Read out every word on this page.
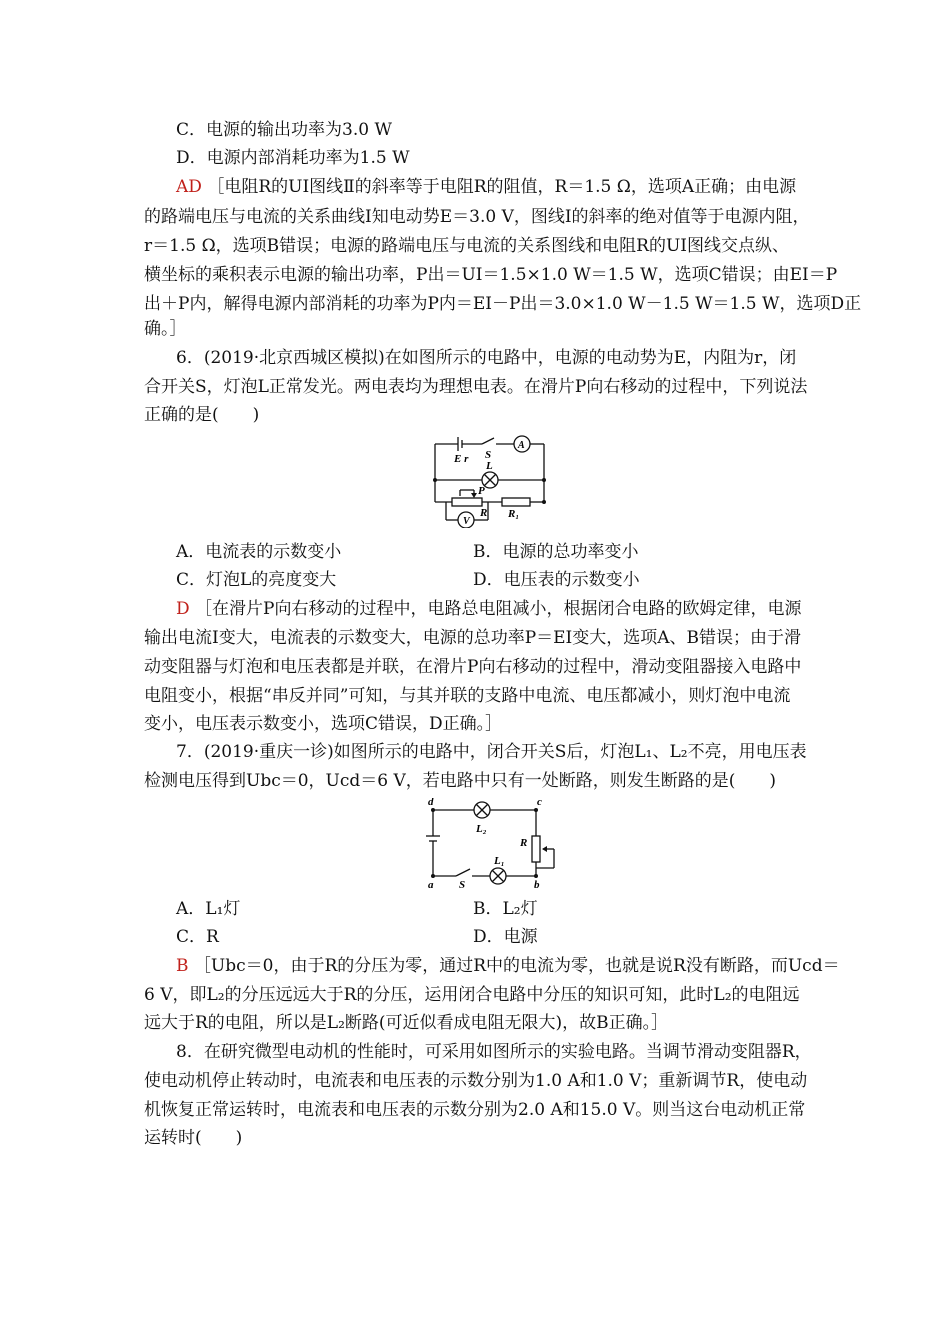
C．电源的输出功率为3.0 W
D．电源内部消耗功率为1.5 W
AD ［电阻R的UI图线Ⅱ的斜率等于电阻R的阻值，R＝1.5 Ω，选项A正确；由电源
的路端电压与电流的关系曲线Ⅰ知电动势E＝3.0 V，图线Ⅰ的斜率的绝对值等于电源内阻，
r＝1.5 Ω，选项B错误；电源的路端电压与电流的关系图线和电阻R的UI图线交点纵、
横坐标的乘积表示电源的输出功率，P出＝UI＝1.5×1.0 W＝1.5 W，选项C错误；由EI＝P
出＋P内，解得电源内部消耗的功率为P内＝EI－P出＝3.0×1.0 W－1.5 W＝1.5 W，选项D正
确。］
6．(2019·北京西城区模拟)在如图所示的电路中，电源的电动势为E，内阻为r，闭
合开关S，灯泡L正常发光。两电表均为理想电表。在滑片P向右移动的过程中，下列说法
正确的是(　　)
E r S
L
A
P
V
R R₁
A．电流表的示数变小	B．电源的总功率变小
C．灯泡L的亮度变大	D．电压表的示数变小
D ［在滑片P向右移动的过程中，电路总电阻减小，根据闭合电路的欧姆定律，电源
输出电流I变大，电流表的示数变大，电源的总功率P＝EI变大，选项A、B错误；由于滑
动变阻器与灯泡和电压表都是并联，在滑片P向右移动的过程中，滑动变阻器接入电路中
电阻变小，根据“串反并同”可知，与其并联的支路中电流、电压都减小，则灯泡中电流
变小，电压表示数变小，选项C错误，D正确。］
7．(2019·重庆一诊)如图所示的电路中，闭合开关S后，灯泡L₁、L₂不亮，用电压表
检测电压得到Ubc＝0，Ucd＝6 V，若电路中只有一处断路，则发生断路的是(　　)
d	c
L₂
R
L₁
a S	b
A．L₁灯	B．L₂灯
C．R	D．电源
B ［Ubc＝0，由于R的分压为零，通过R中的电流为零，也就是说R没有断路，而Ucd＝
6 V，即L₂的分压远远大于R的分压，运用闭合电路中分压的知识可知，此时L₂的电阻远
远大于R的电阻，所以是L₂断路(可近似看成电阻无限大)，故B正确。］
8．在研究微型电动机的性能时，可采用如图所示的实验电路。当调节滑动变阻器R，
使电动机停止转动时，电流表和电压表的示数分别为1.0 A和1.0 V；重新调节R，使电动
机恢复正常运转时，电流表和电压表的示数分别为2.0 A和15.0 V。则当这台电动机正常
运转时(　　)
